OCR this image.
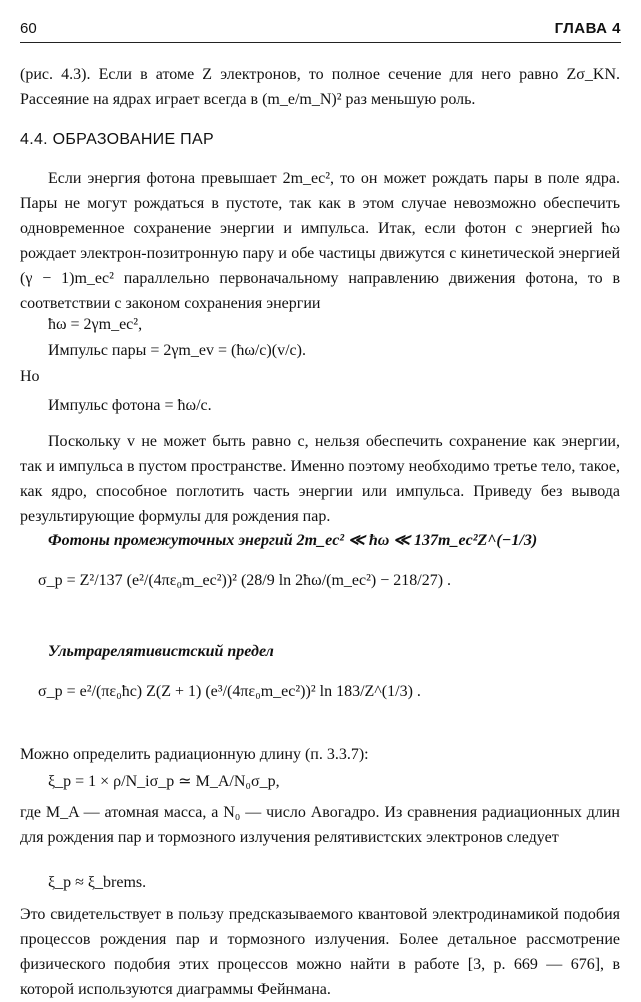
60	ГЛАВА 4
(рис. 4.3). Если в атоме Z электронов, то полное сечение для него равно Zσ_KN. Рассеяние на ядрах играет всегда в (m_e/m_N)² раз меньшую роль.
4.4. ОБРАЗОВАНИЕ ПАР
Если энергия фотона превышает 2m_ec², то он может рождать пары в поле ядра. Пары не могут рождаться в пустоте, так как в этом случае невозможно обеспечить одновременное сохранение энергии и импульса. Итак, если фотон с энергией ħω рождает электрон-позитронную пару и обе частицы движутся с кинетической энергией (γ − 1)m_ec² параллельно первоначальному направлению движения фотона, то в соответствии с законом сохранения энергии
ħω = 2γm_ec²,
Импульс пары = 2γm_ev = (ħω/c)(v/c).
Но
Импульс фотона = ħω/c.
Поскольку v не может быть равно c, нельзя обеспечить сохранение как энергии, так и импульса в пустом пространстве. Именно поэтому необходимо третье тело, такое, как ядро, способное поглотить часть энергии или импульса. Приведу без вывода результирующие формулы для рождения пар.
Фотоны промежуточных энергий 2m_ec² ≪ ħω ≪ 137m_ec²Z^(−1/3)
σ_p = Z²/137 (e²/(4πε₀m_ec²))² (28/9 ln 2ħω/(m_ec²) − 218/27) .
Ультрарелятивистский предел
σ_p = e²/(πε₀ħc) Z(Z + 1) (e³/(4πε₀m_ec²))² ln 183/Z^(1/3) .
Можно определить радиационную длину (п. 3.3.7):
ξ_p = 1 × ρ/N_iσ_p ≃ M_A/N₀σ_p,
где M_A — атомная масса, а N₀ — число Авогадро. Из сравнения радиационных длин для рождения пар и тормозного излучения релятивистских электронов следует
ξ_p ≈ ξ_brems.
Это свидетельствует в пользу предсказываемого квантовой электродинамикой подобия процессов рождения пар и тормозного излучения. Более детальное рассмотрение физического подобия этих процессов можно найти в работе [3, p. 669 — 676], в которой используются диаграммы Фейнмана.
